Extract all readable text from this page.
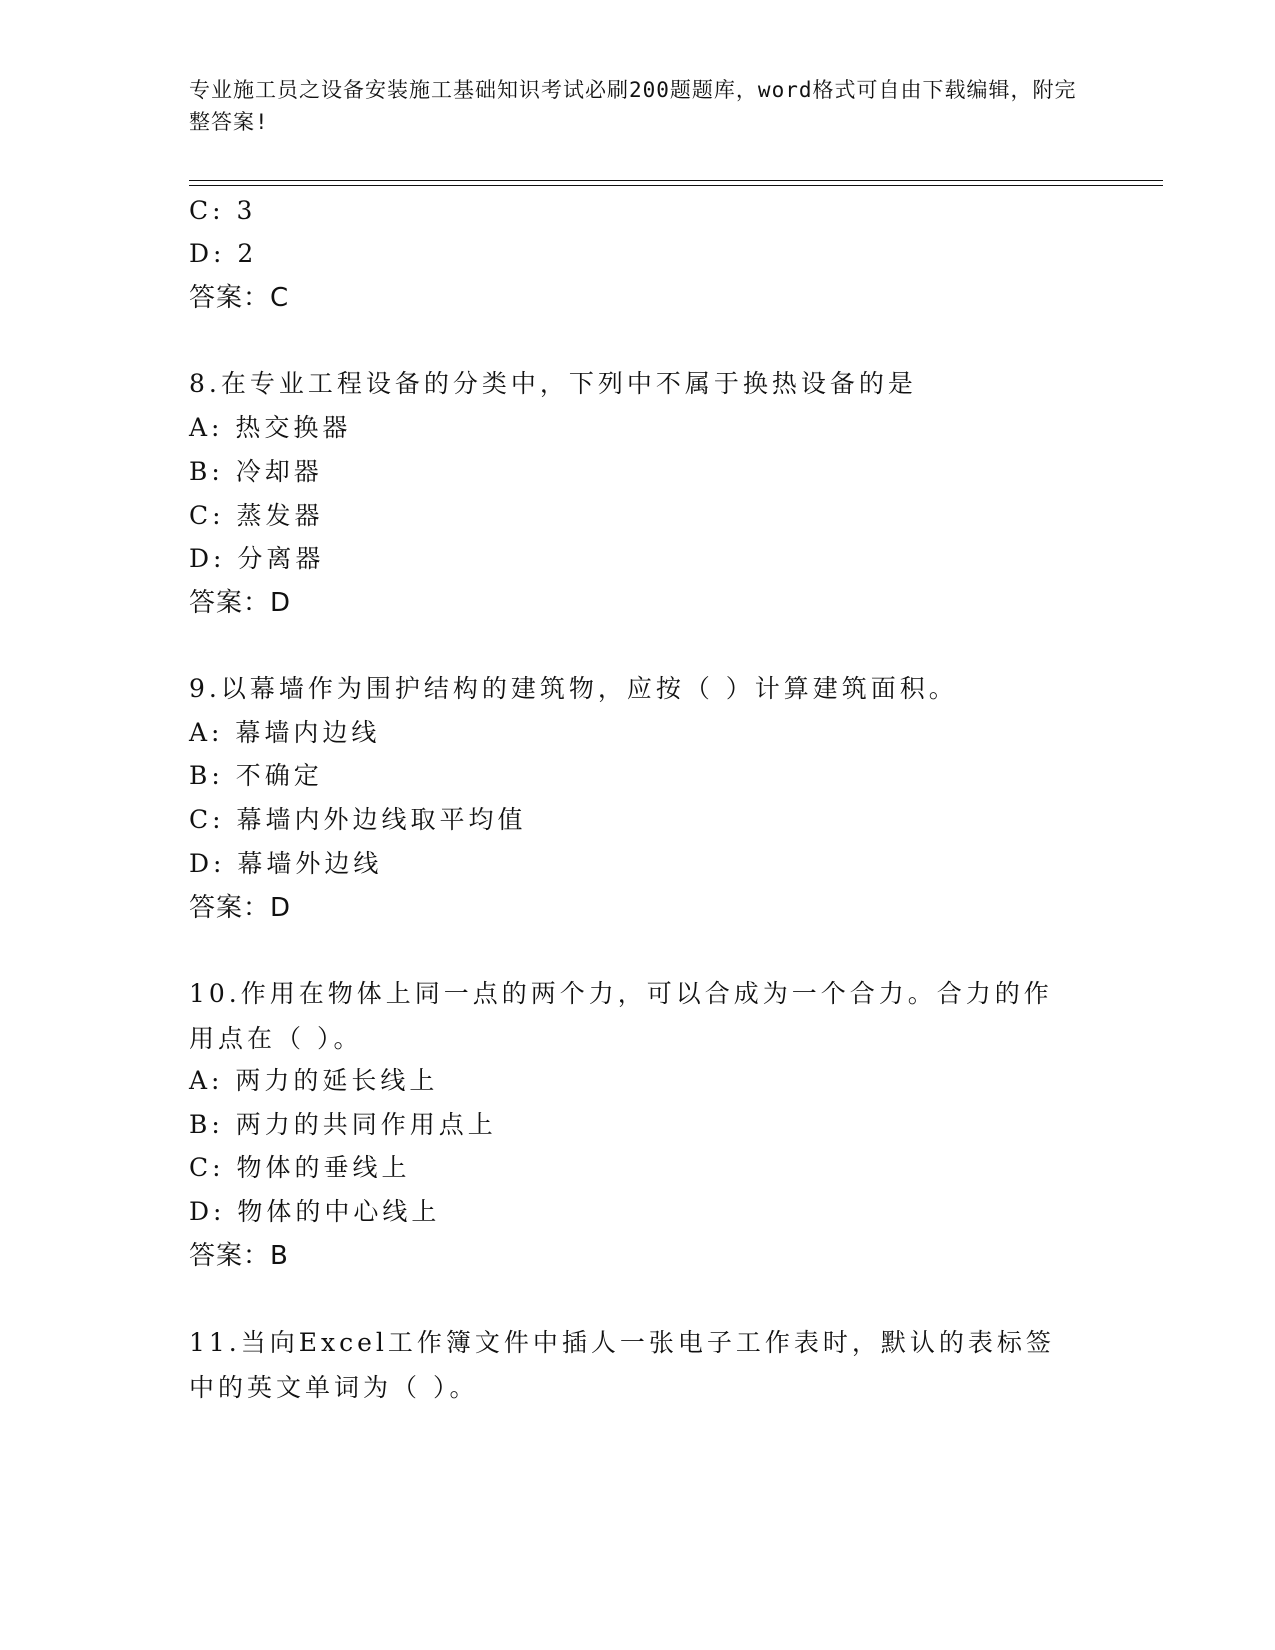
专业施工员之设备安装施工基础知识考试必刷200题题库，word格式可自由下载编辑，附完整答案!
C: 3
D: 2
答案：C
8.在专业工程设备的分类中，下列中不属于换热设备的是
A: 热交换器
B: 冷却器
C: 蒸发器
D: 分离器
答案：D
9.以幕墙作为围护结构的建筑物，应按（ ）计算建筑面积。
A: 幕墙内边线
B: 不确定
C: 幕墙内外边线取平均值
D: 幕墙外边线
答案：D
10.作用在物体上同一点的两个力，可以合成为一个合力。合力的作用点在（ ）。
A: 两力的延长线上
B: 两力的共同作用点上
C: 物体的垂线上
D: 物体的中心线上
答案：B
11.当向Excel工作簿文件中插人一张电子工作表时，默认的表标签中的英文单词为（ ）。
